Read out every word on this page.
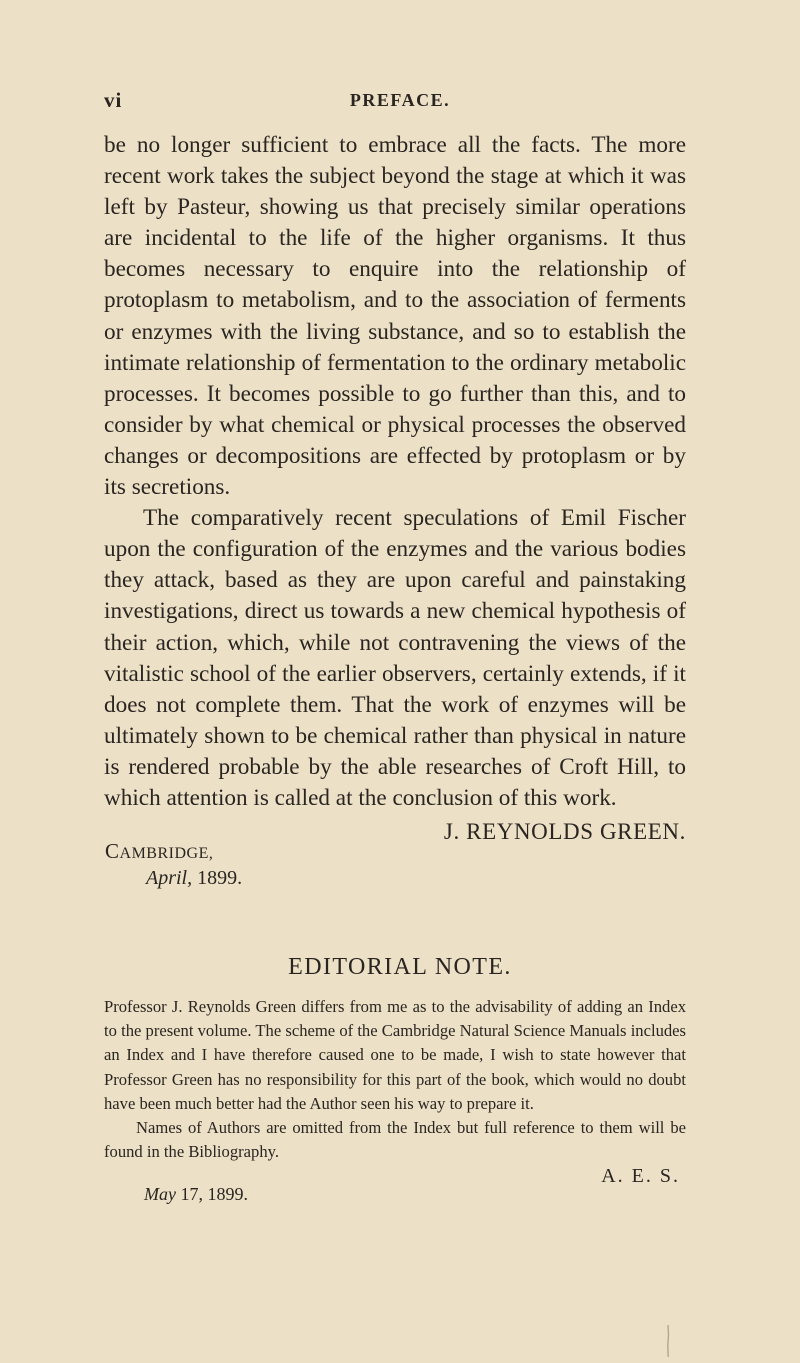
vi	PREFACE.

be no longer sufficient to embrace all the facts. The more recent work takes the subject beyond the stage at which it was left by Pasteur, showing us that precisely similar operations are incidental to the life of the higher organisms. It thus becomes necessary to enquire into the relationship of protoplasm to metabolism, and to the association of ferments or enzymes with the living substance, and so to establish the intimate relationship of fermentation to the ordinary metabolic processes. It becomes possible to go further than this, and to consider by what chemical or physical processes the observed changes or decompositions are effected by protoplasm or by its secretions.

The comparatively recent speculations of Emil Fischer upon the configuration of the enzymes and the various bodies they attack, based as they are upon careful and painstaking investigations, direct us towards a new chemical hypothesis of their action, which, while not contravening the views of the vitalistic school of the earlier observers, certainly extends, if it does not complete them. That the work of enzymes will be ultimately shown to be chemical rather than physical in nature is rendered probable by the able researches of Croft Hill, to which attention is called at the conclusion of this work.

J. REYNOLDS GREEN.
CAMBRIDGE,
April, 1899.
EDITORIAL NOTE.

Professor J. Reynolds Green differs from me as to the advisability of adding an Index to the present volume. The scheme of the Cambridge Natural Science Manuals includes an Index and I have therefore caused one to be made, I wish to state however that Professor Green has no responsibility for this part of the book, which would no doubt have been much better had the Author seen his way to prepare it.

Names of Authors are omitted from the Index but full reference to them will be found in the Bibliography.

A. E. S.
May 17, 1899.
